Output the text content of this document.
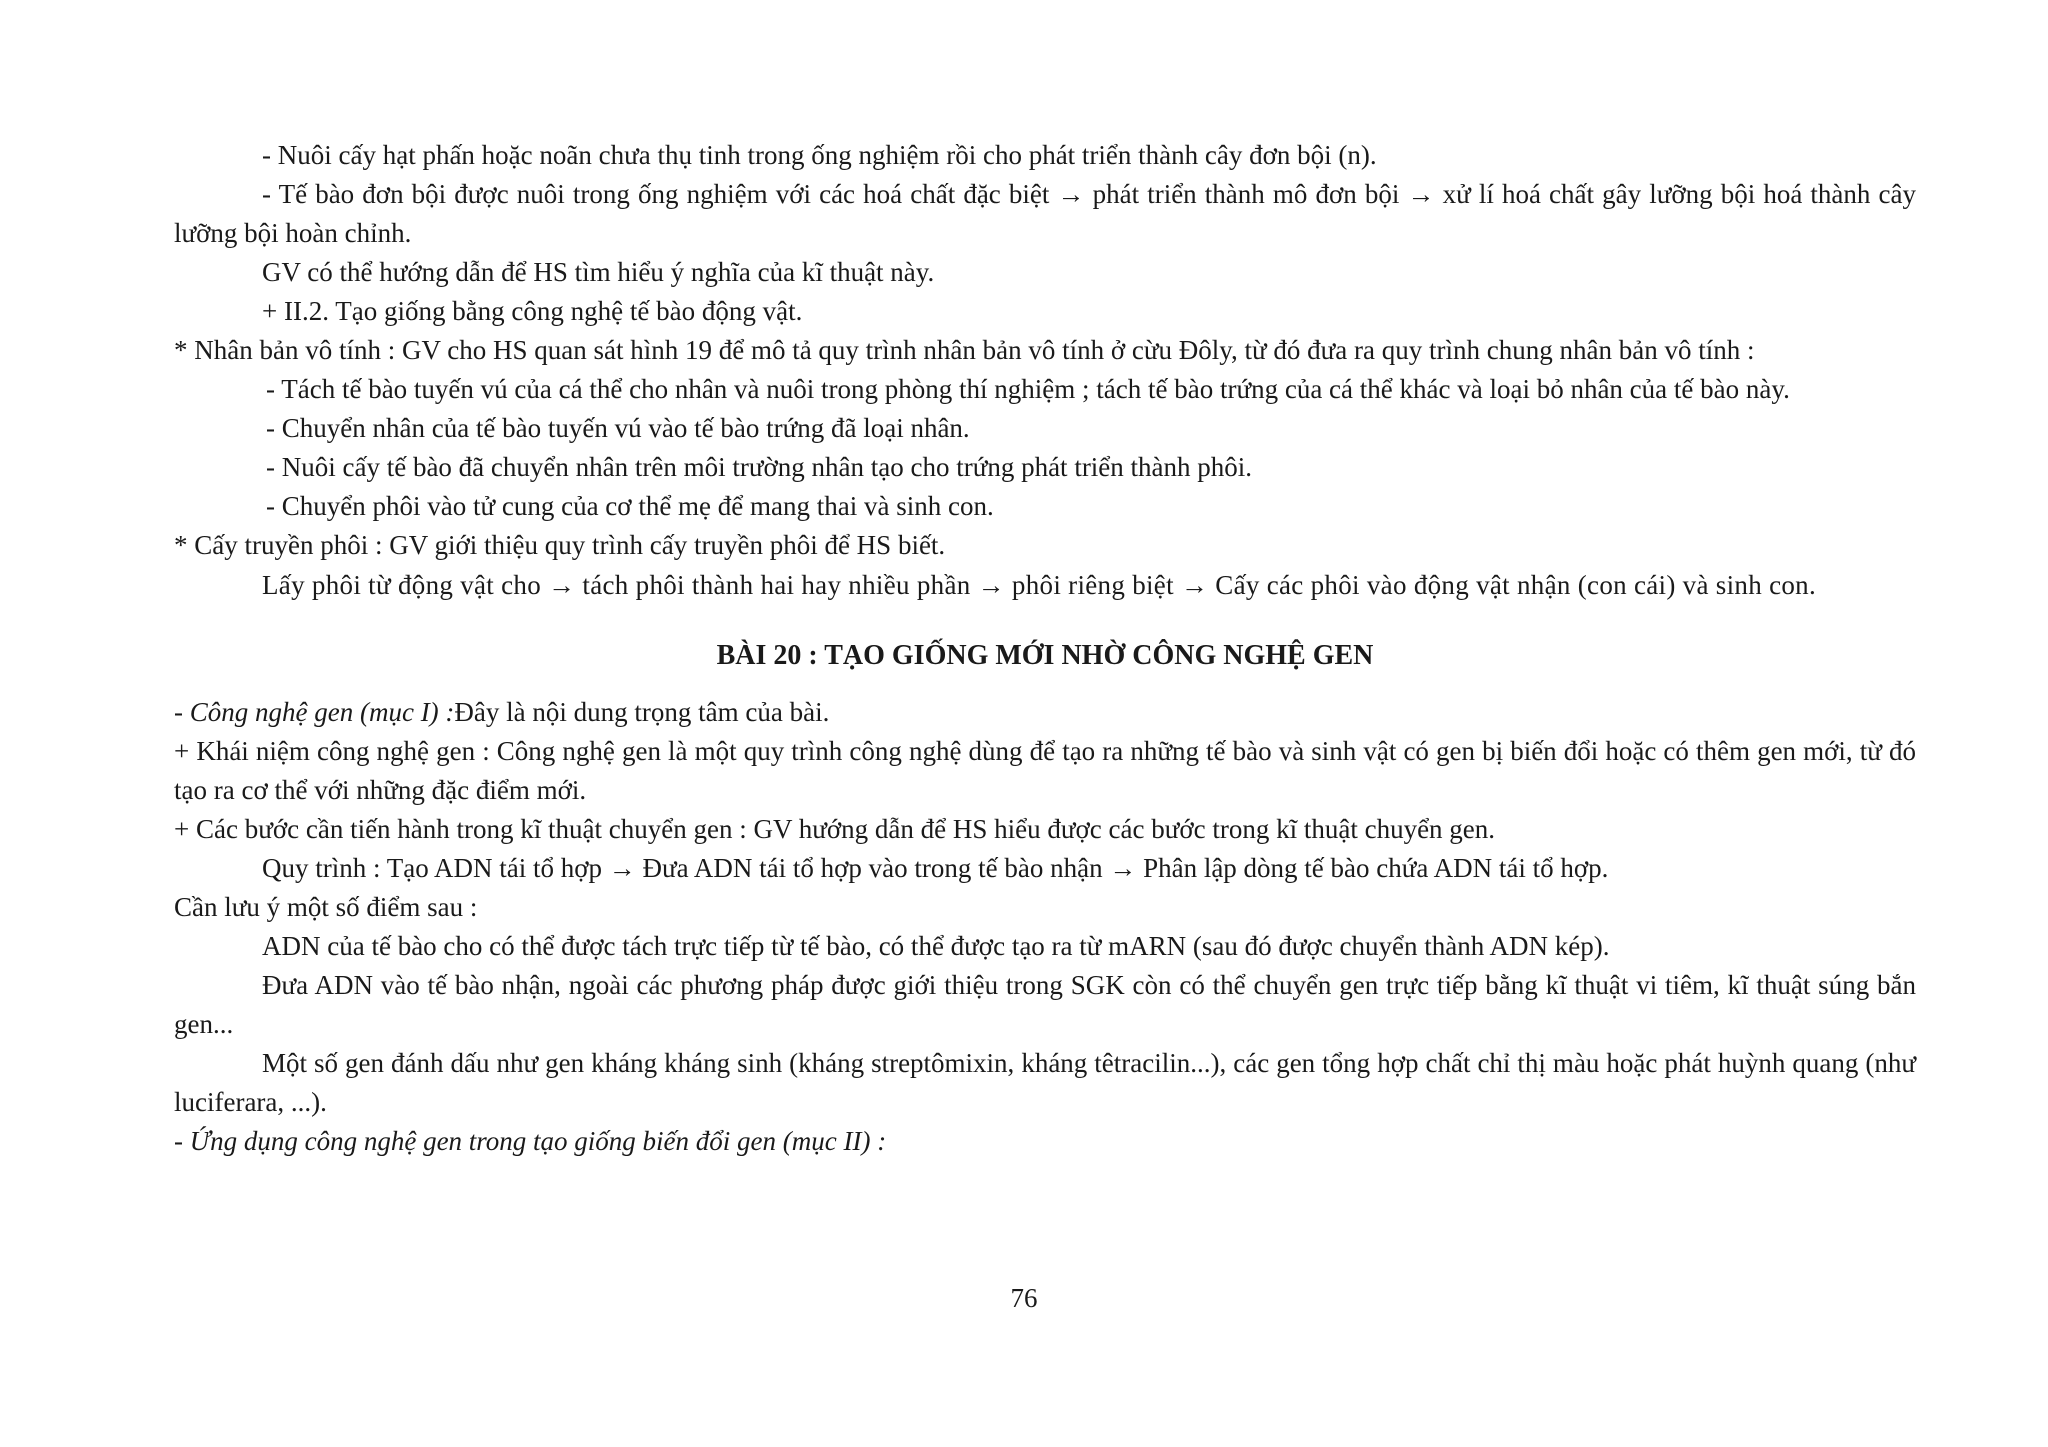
- Nuôi cấy hạt phấn hoặc noãn chưa thụ tinh trong ống nghiệm rồi cho phát triển thành cây đơn bội (n).

- Tế bào đơn bội được nuôi trong ống nghiệm với các hoá chất đặc biệt → phát triển thành mô đơn bội → xử lí hoá chất gây lưỡng bội hoá thành cây lưỡng bội hoàn chỉnh.

GV có thể hướng dẫn để HS tìm hiểu ý nghĩa của kĩ thuật này.

+ II.2. Tạo giống bằng công nghệ tế bào động vật.

* Nhân bản vô tính : GV cho HS quan sát hình 19 để mô tả quy trình nhân bản vô tính ở cừu Đôly, từ đó đưa ra quy trình chung nhân bản vô tính :

- Tách tế bào tuyến vú của cá thể cho nhân và nuôi trong phòng thí nghiệm ; tách tế bào trứng của cá thể khác và loại bỏ nhân của tế bào này.

- Chuyển nhân của tế bào tuyến vú vào tế bào trứng đã loại nhân.

- Nuôi cấy tế bào đã chuyển nhân trên môi trường nhân tạo cho trứng phát triển thành phôi.

- Chuyển phôi vào tử cung của cơ thể mẹ để mang thai và sinh con.

* Cấy truyền phôi : GV giới thiệu quy trình cấy truyền phôi để HS biết.

Lấy phôi từ động vật cho → tách phôi thành hai hay nhiều phần → phôi riêng biệt → Cấy các phôi vào động vật nhận (con cái) và sinh con.

BÀI 20 : TẠO GIỐNG MỚI NHỜ CÔNG NGHỆ GEN

- Công nghệ gen (mục I) :Đây là nội dung trọng tâm của bài.

+ Khái niệm công nghệ gen : Công nghệ gen là một quy trình công nghệ dùng để tạo ra những tế bào và sinh vật có gen bị biến đổi hoặc có thêm gen mới, từ đó tạo ra cơ thể với những đặc điểm mới.

+ Các bước cần tiến hành trong kĩ thuật chuyển gen : GV hướng dẫn để HS hiểu được các bước trong kĩ thuật chuyển gen.

Quy trình : Tạo ADN tái tổ hợp → Đưa ADN tái tổ hợp vào trong tế bào nhận → Phân lập dòng tế bào chứa ADN tái tổ hợp.

Cần lưu ý một số điểm sau :

ADN của tế bào cho có thể được tách trực tiếp từ tế bào, có thể được tạo ra từ mARN (sau đó được chuyển thành ADN kép).

Đưa ADN vào tế bào nhận, ngoài các phương pháp được giới thiệu trong SGK còn có thể chuyển gen trực tiếp bằng kĩ thuật vi tiêm, kĩ thuật súng bắn gen...

Một số gen đánh dấu như gen kháng kháng sinh (kháng streptômixin, kháng têtracilin...), các gen tổng hợp chất chỉ thị màu hoặc phát huỳnh quang (như luciferara, ...).

- Ứng dụng công nghệ gen trong tạo giống biến đổi gen (mục II) :

76
